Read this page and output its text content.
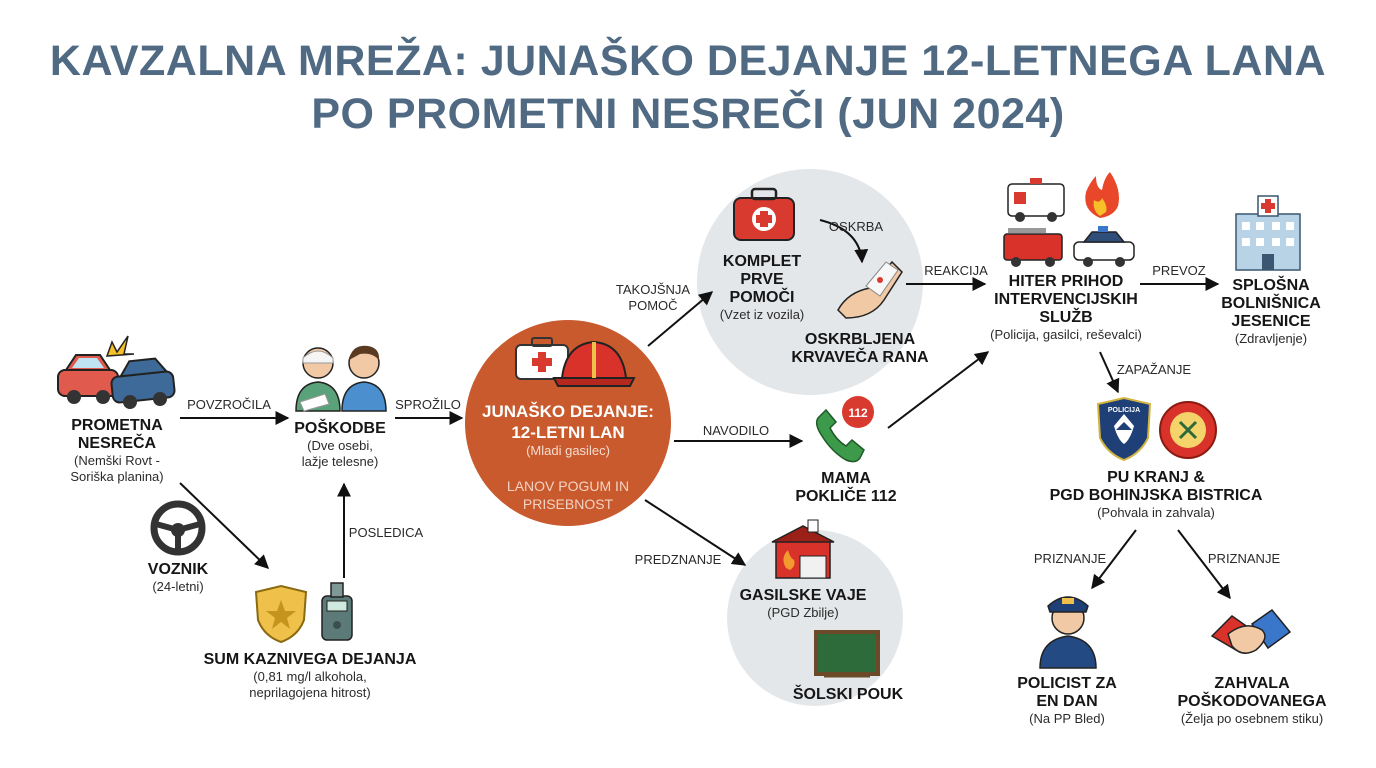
POLICIJA
112
KAVZALNA MREŽA: JUNAŠKO DEJANJE 12-LETNEGA LANA
PO PROMETNI NESREČI (JUN 2024)
PROMETNA
NESREČA
(Nemški Rovt -
Soriška planina)
POŠKODBE
(Dve osebi,
lažje telesne)
VOZNIK
(24-letni)
SUM KAZNIVEGA DEJANJA
(0,81 mg/l alkohola,
neprilagojena hitrost)
JUNAŠKO DEJANJE:
12-LETNI LAN
(Mladi gasilec)
LANOV POGUM IN
PRISEBNOST
KOMPLET
PRVE
POMOČI
(Vzet iz vozila)
OSKRBLJENA
KRVAVEČA RANA
MAMA
POKLIČE 112
GASILSKE VAJE
(PGD Zbilje)
ŠOLSKI POUK
HITER PRIHOD
INTERVENCIJSKIH
SLUŽB
(Policija, gasilci, reševalci)
SPLOŠNA
BOLNIŠNICA
JESENICE
(Zdravljenje)
PU KRANJ &
PGD BOHINJSKA BISTRICA
(Pohvala in zahvala)
POLICIST ZA
EN DAN
(Na PP Bled)
ZAHVALA
POŠKODOVANEGA
(Želja po osebnem stiku)
POVZROČILA
POSLEDICA
SPROŽILO
TAKOJŠNJA
POMOČ
OSKRBA
NAVODILO
PREDZNANJE
REAKCIJA	PREVOZ
ZAPAŽANJE
PRIZNANJE	PRIZNANJE
